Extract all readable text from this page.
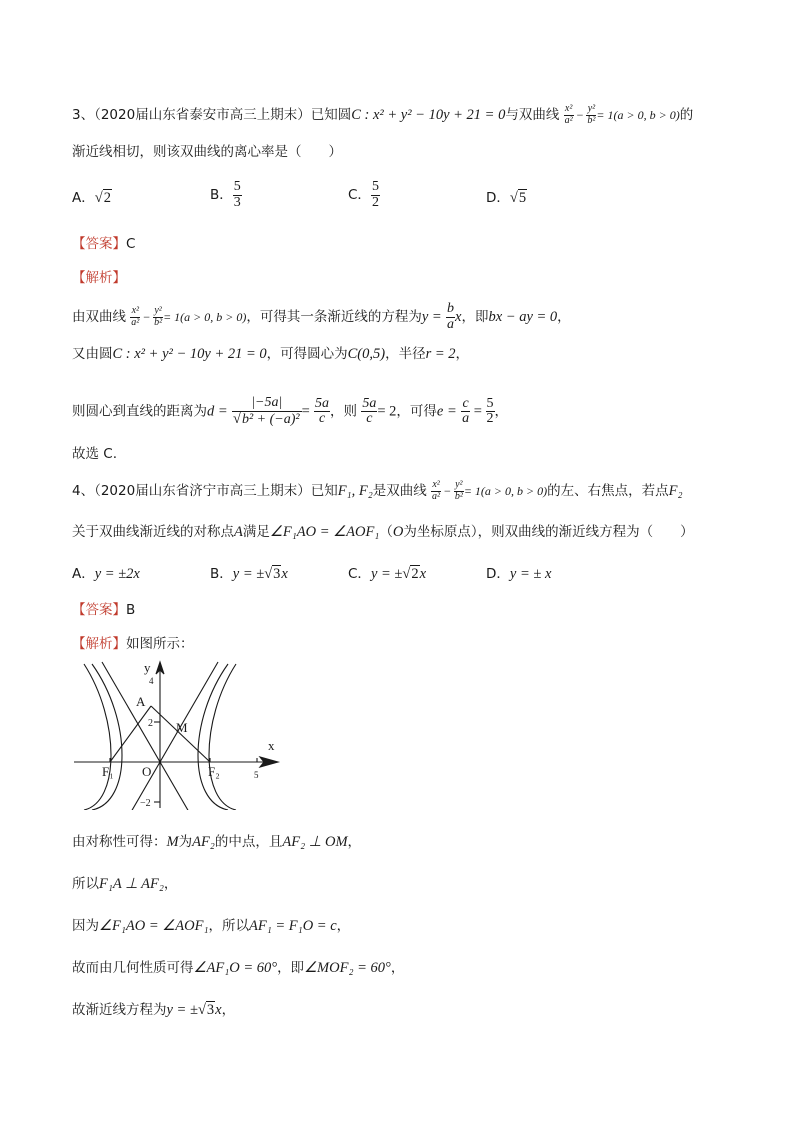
3、（2020届山东省泰安市高三上期末）已知圆C : x² + y² − 10y + 21 = 0与双曲线 $\frac{\text{x²}}{\text{a²}} - \frac{\text{y²}}{\text{b²}} = 1(a > 0$, b > 0)的
渐近线相切，则该双曲线的离心率是（　　）
A．√2	B． $\frac{5}{3}$	C． $\frac{5}{2}$	D．√5
【答案】C
【解析】
由双曲线 $\frac{\text{x²}}{\text{a²}} - \frac{\text{y²}}{\text{b²}} = 1(a > 0$, b > 0)，可得其一条渐近线的方程为$y = \frac{b}{a}$ x，即bx − ay = 0，
又由圆C : x² + y² − 10y + 21 = 0，可得圆心为C(0,5)，半径r = 2，
则圆心到直线的距离为$d = \frac{|-5a|}{\text{√b² + (−a)²}} = \frac{5a}{c}$ ，则 $\frac{5a}{c} = 2$，可得$e = \frac{c}{a} = \frac{5}{2}$ ，
故选 C.
4、（2020届山东省济宁市高三上期末）已知F₁, F₂是双曲线 $\frac{\text{x²}}{\text{a²}} - \frac{\text{y²}}{\text{b²}} = 1(a > 0$, b > 0)的左、右焦点，若点F₂
关于双曲线渐近线的对称点A满足∠F₁AO = ∠AOF₁（O为坐标原点），则双曲线的渐近线方程为（　　）
A．y = ±2x	B．y = ±√3x	C．y = ±√2x	D．y = ± x
【答案】B
【解析】如图所示：
y
x
4
2
−2
5
A
M
O
F₁	F₂
由对称性可得：M为AF₂的中点，且AF₂ ⊥ OM，
所以F₁A ⊥ AF₂，
因为∠F₁AO = ∠AOF₁，所以AF₁ = F₁O = c，
故而由几何性质可得∠AF₁O = 60°，即∠MOF₂ = 60°，
故渐近线方程为y = ±√3x，
